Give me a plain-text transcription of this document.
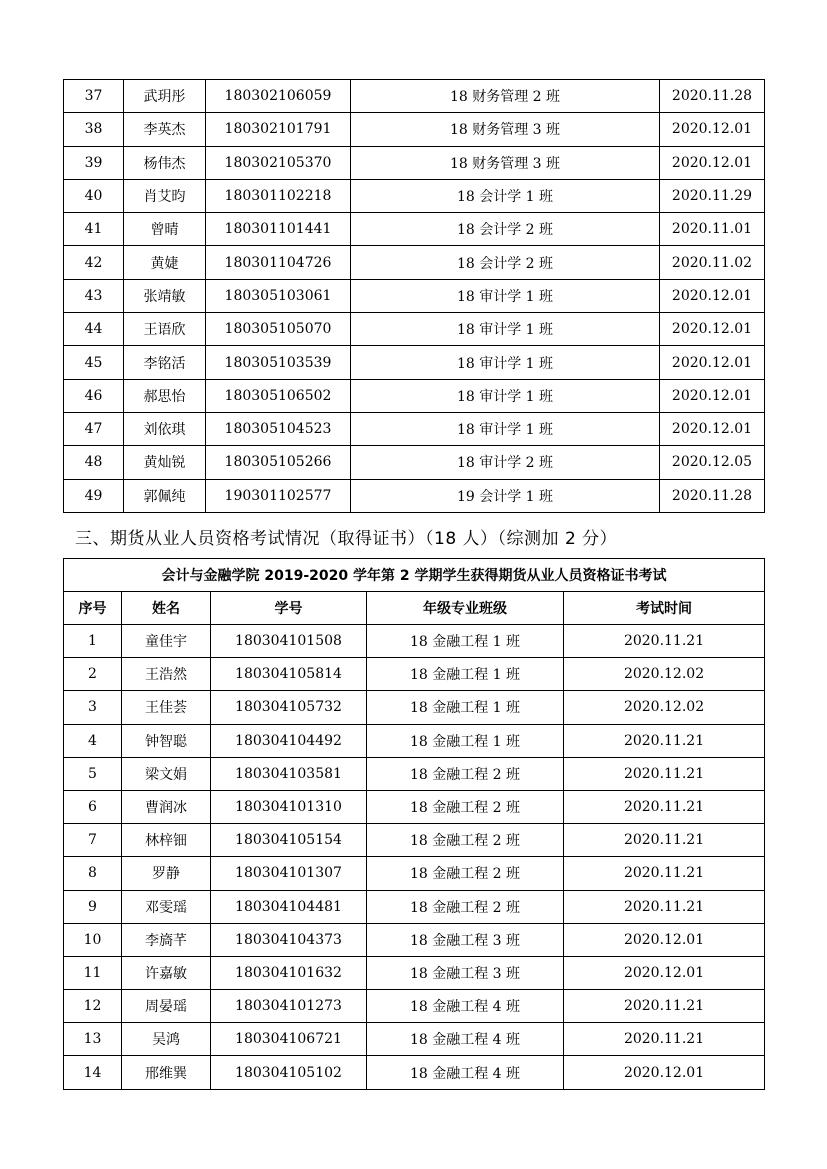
37	武玥彤	180302106059	18 财务管理 2 班	2020.11.28
38	李英杰	180302101791	18 财务管理 3 班	2020.12.01
39	杨伟杰	180302105370	18 财务管理 3 班	2020.12.01
40	肖艾昀	180301102218	18 会计学 1 班	2020.11.29
41	曾晴	180301101441	18 会计学 2 班	2020.11.01
42	黄婕	180301104726	18 会计学 2 班	2020.11.02
43	张靖敏	180305103061	18 审计学 1 班	2020.12.01
44	王语欣	180305105070	18 审计学 1 班	2020.12.01
45	李铭活	180305103539	18 审计学 1 班	2020.12.01
46	郝思怡	180305106502	18 审计学 1 班	2020.12.01
47	刘依琪	180305104523	18 审计学 1 班	2020.12.01
48	黄灿锐	180305105266	18 审计学 2 班	2020.12.05
49	郭佩纯	190301102577	19 会计学 1 班	2020.11.28
三、期货从业人员资格考试情况（取得证书）（18 人）（综测加 2 分）
会计与金融学院 2019-2020 学年第 2 学期学生获得期货从业人员资格证书考试				
序号	姓名	学号	年级专业班级	考试时间
1	童佳宇	180304101508	18 金融工程 1 班	2020.11.21
2	王浩然	180304105814	18 金融工程 1 班	2020.12.02
3	王佳荟	180304105732	18 金融工程 1 班	2020.12.02
4	钟智聪	180304104492	18 金融工程 1 班	2020.11.21
5	梁文娟	180304103581	18 金融工程 2 班	2020.11.21
6	曹润冰	180304101310	18 金融工程 2 班	2020.11.21
7	林梓钿	180304105154	18 金融工程 2 班	2020.11.21
8	罗静	180304101307	18 金融工程 2 班	2020.11.21
9	邓雯瑶	180304104481	18 金融工程 2 班	2020.11.21
10	李旖芊	180304104373	18 金融工程 3 班	2020.12.01
11	许嘉敏	180304101632	18 金融工程 3 班	2020.12.01
12	周晏瑶	180304101273	18 金融工程 4 班	2020.11.21
13	吴鸿	180304106721	18 金融工程 4 班	2020.11.21
14	邢维巽	180304105102	18 金融工程 4 班	2020.12.01
